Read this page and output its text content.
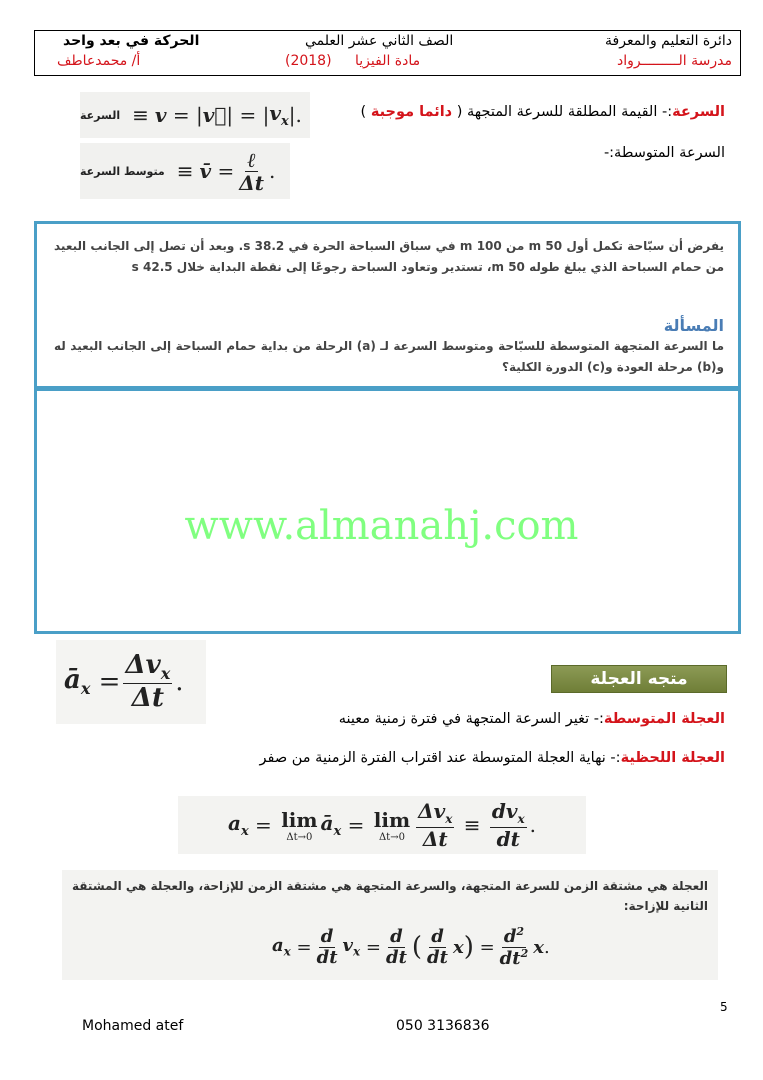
دائرة التعليم والمعرفة
الصف الثاني عشر العلمي
الحركة في بعد واحد
مدرسة الـــــــــرواد
(2018) مادة الفيزيا
أ/ محمدعاطف
السرعة:- القيمة المطلقة للسرعة المتجهة ( دائما موجبة )
السرعة ≡ v = | v⃗ | = | $v_x$ |.
السرعة المتوسطة:-
متوسط السرعة ≡ v̄ = $\frac{\text{ℓ}}{\Delta t}$ .
يفرض أن سبّاحة تكمل أول 50 m من 100 m في سباق السباحة الحرة في 38.2 s. وبعد أن تصل إلى الجانب البعيد من حمام السباحة الذي يبلغ طوله 50 m، تستدير وتعاود السباحة رجوعًا إلى نقطة البداية خلال 42.5 s
المسألة
ما السرعة المتجهة المتوسطة للسبّاحة ومتوسط السرعة لـ (a) الرحلة من بداية حمام السباحة إلى الجانب البعيد له و(b) مرحلة العودة و(c) الدورة الكلية؟
www.almanahj.com
$ā_x = \frac{\Delta v_x}{\Delta t}$ .	متجه العجلة
العجلة المتوسطة:- تغير السرعة المتجهة في فترة زمنية معينه
العجلة اللحظية:- نهاية العجلة المتوسطة عند اقتراب الفترة الزمنية من صفر
$a_x = \lim$
Δt→0
$ā_x = \lim$
$\Delta t\to 0 \frac{\Delta v_x}{\Delta t} \equiv \frac{dv_x}{dt}$ .
العجلة هي مشتقة الزمن للسرعة المتجهة، والسرعة المتجهة هي مشتقة الزمن للإزاحة، والعجلة هي المشتقة الثانية للإزاحة:
$a_x = \frac{d}{dt} v_x = \frac{d}{dt}$ ( $\frac{d}{dt}$ x ) = $\frac{d^2}{dt^2}$ x .
5
Mohamed atef	050 3136836
